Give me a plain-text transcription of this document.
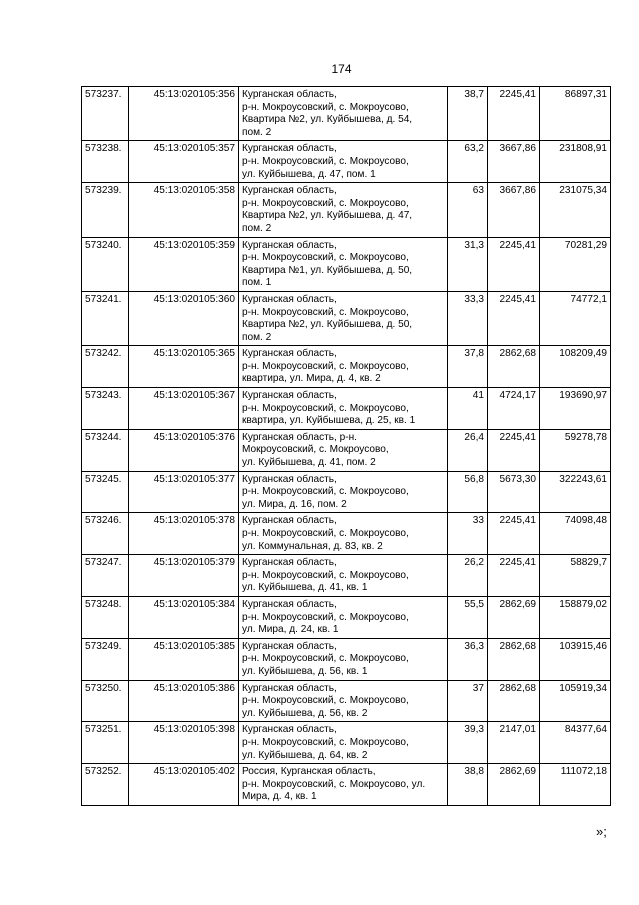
174
573237.	45:13:020105:356	Курганская область,
р-н. Мокроусовский, с. Мокроусово,
Квартира №2, ул. Куйбышева, д. 54,
пом. 2	38,7	2245,41	86897,31
573238.	45:13:020105:357	Курганская область,
р-н. Мокроусовский, с. Мокроусово,
ул. Куйбышева, д. 47, пом. 1	63,2	3667,86	231808,91
573239.	45:13:020105:358	Курганская область,
р-н. Мокроусовский, с. Мокроусово,
Квартира №2, ул. Куйбышева, д. 47,
пом. 2	63	3667,86	231075,34
573240.	45:13:020105:359	Курганская область,
р-н. Мокроусовский, с. Мокроусово,
Квартира №1, ул. Куйбышева, д. 50,
пом. 1	31,3	2245,41	70281,29
573241.	45:13:020105:360	Курганская область,
р-н. Мокроусовский, с. Мокроусово,
Квартира №2, ул. Куйбышева, д. 50,
пом. 2	33,3	2245,41	74772,1
573242.	45:13:020105:365	Курганская область,
р-н. Мокроусовский, с. Мокроусово,
квартира, ул. Мира, д. 4, кв. 2	37,8	2862,68	108209,49
573243.	45:13:020105:367	Курганская область,
р-н. Мокроусовский, с. Мокроусово,
квартира, ул. Куйбышева, д. 25, кв. 1	41	4724,17	193690,97
573244.	45:13:020105:376	Курганская область, р-н.
Мокроусовский, с. Мокроусово,
ул. Куйбышева, д. 41, пом. 2	26,4	2245,41	59278,78
573245.	45:13:020105:377	Курганская область,
р-н. Мокроусовский, с. Мокроусово,
ул. Мира, д. 16, пом. 2	56,8	5673,30	322243,61
573246.	45:13:020105:378	Курганская область,
р-н. Мокроусовский, с. Мокроусово,
ул. Коммунальная, д. 83, кв. 2	33	2245,41	74098,48
573247.	45:13:020105:379	Курганская область,
р-н. Мокроусовский, с. Мокроусово,
ул. Куйбышева, д. 41, кв. 1	26,2	2245,41	58829,7
573248.	45:13:020105:384	Курганская область,
р-н. Мокроусовский, с. Мокроусово,
ул. Мира, д. 24, кв. 1	55,5	2862,69	158879,02
573249.	45:13:020105:385	Курганская область,
р-н. Мокроусовский, с. Мокроусово,
ул. Куйбышева, д. 56, кв. 1	36,3	2862,68	103915,46
573250.	45:13:020105:386	Курганская область,
р-н. Мокроусовский, с. Мокроусово,
ул. Куйбышева, д. 56, кв. 2	37	2862,68	105919,34
573251.	45:13:020105:398	Курганская область,
р-н. Мокроусовский, с. Мокроусово,
ул. Куйбышева, д. 64, кв. 2	39,3	2147,01	84377,64
573252.	45:13:020105:402	Россия, Курганская область,
р-н. Мокроусовский, с. Мокроусово, ул.
Мира, д. 4, кв. 1	38,8	2862,69	111072,18
»;
